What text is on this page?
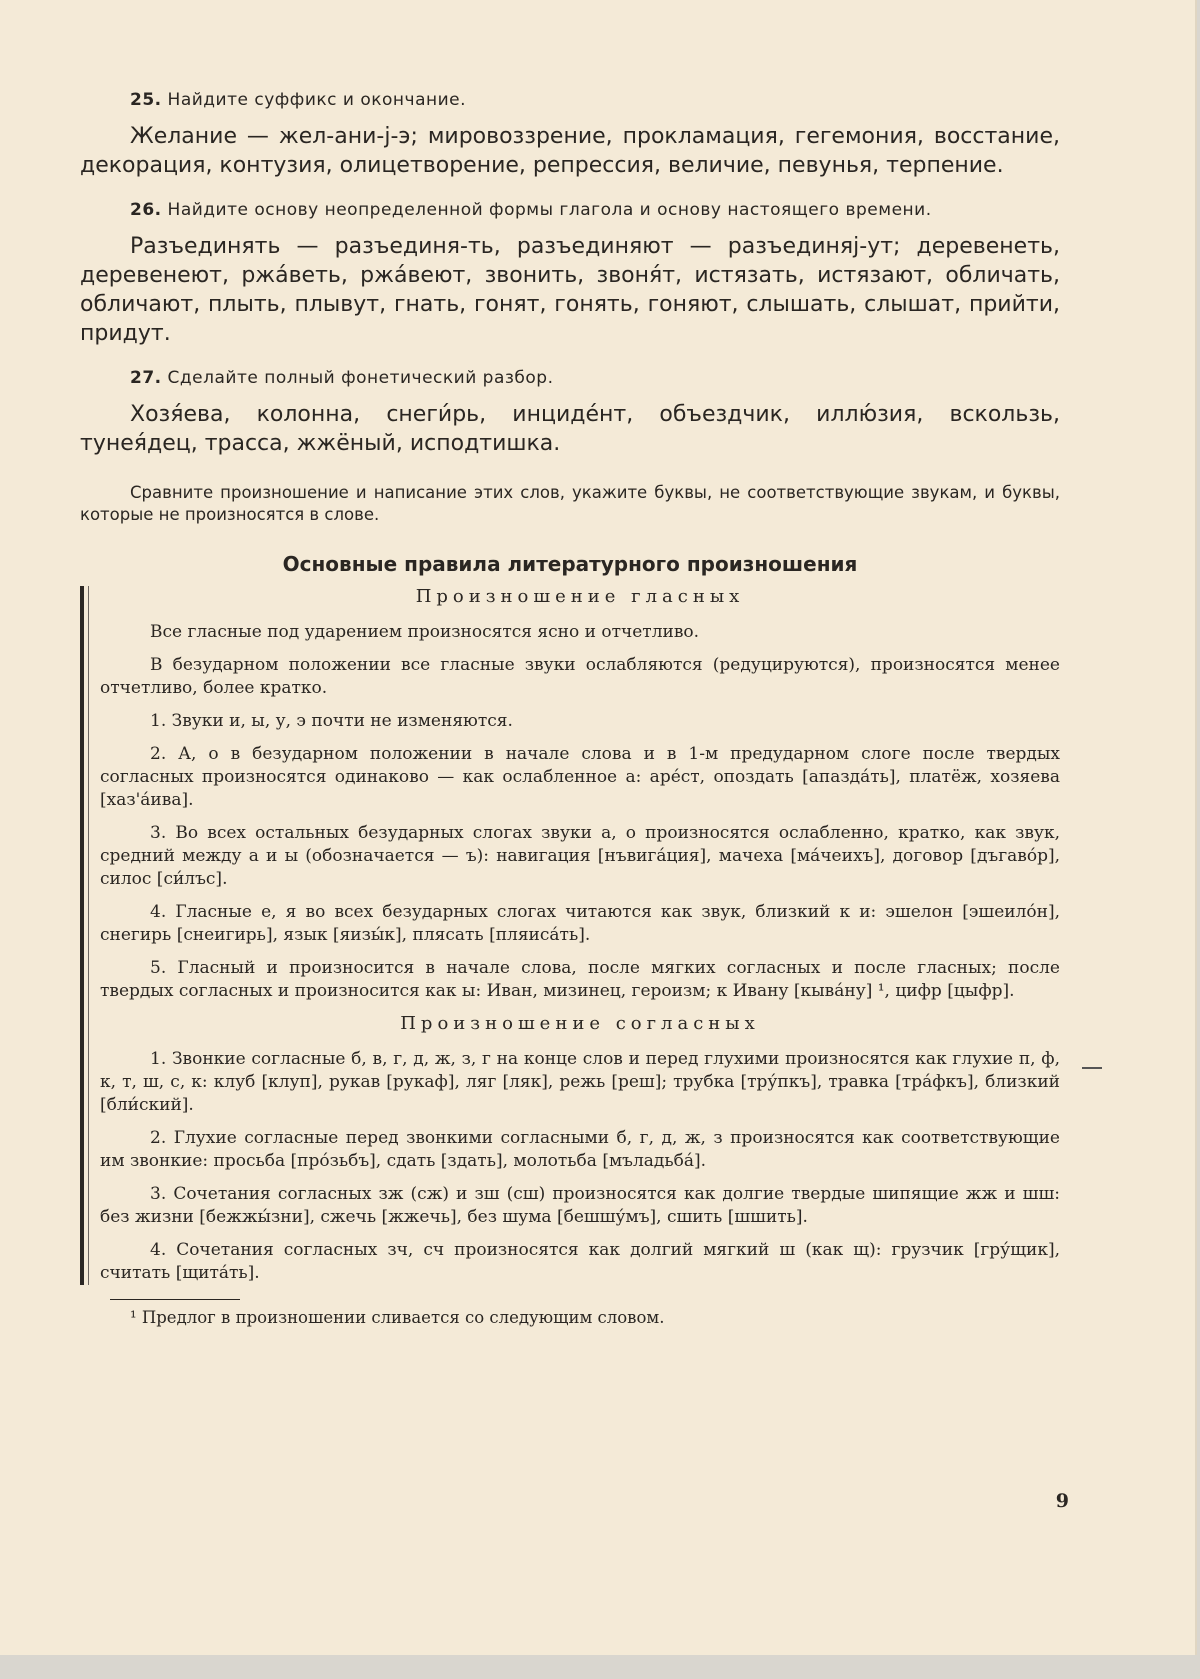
25. Найдите суффикс и окончание.

Желание — жел-ани-j-э; мировоззрение, прокламация, гегемония, восстание, декорация, контузия, олицетворение, репрессия, величие, певунья, терпение.

26. Найдите основу неопределенной формы глагола и основу настоящего времени.

Разъединять — разъединя-ть, разъединяют — разъединяj-ут; деревенеть, деревенеют, ржáветь, ржáвеют, звонить, звоня́т, истязать, истязают, обличать, обличают, плыть, плывут, гнать, гонят, гонять, гоняют, слышать, слышат, прийти, придут.

27. Сделайте полный фонетический разбор.

Хозя́ева, колонна, снеги́рь, инциде́нт, объездчик, иллю́зия, вскользь, тунея́дец, трасса, жжёный, исподтишка.

Сравните произношение и написание этих слов, укажите буквы, не соответствующие звукам, и буквы, которые не произносятся в слове.

Основные правила литературного произношения
Произношение гласных

Все гласные под ударением произносятся ясно и отчетливо.

В безударном положении все гласные звуки ослабляются (редуцируются), произносятся менее отчетливо, более кратко.

1. Звуки и, ы, у, э почти не изменяются.

2. А, о в безударном положении в начале слова и в 1-м предударном слоге после твердых согласных произносятся одинаково — как ослабленное а: аре́ст, опоздать [апазда́ть], платёж, хозяева [хаз'а́ива].

3. Во всех остальных безударных слогах звуки а, о произносятся ослабленно, кратко, как звук, средний между а и ы (обозначается — ъ): навигация [нъвига́ция], мачеха [ма́чеихъ], договор [дъгаво́р], силос [си́лъс].

4. Гласные е, я во всех безударных слогах читаются как звук, близкий к и: эшелон [эшеило́н], снегирь [снеигирь], язык [яизы́к], плясать [пляиса́ть].

5. Гласный и произносится в начале слова, после мягких согласных и после гласных; после твердых согласных и произносится как ы: Иван, мизинец, героизм; к Ивану [кыва́ну] ¹, цифр [цыфр].

Произношение согласных

1. Звонкие согласные б, в, г, д, ж, з, г на конце слов и перед глухими произносятся как глухие п, ф, к, т, ш, с, к: клуб [клуп], рукав [рукаф], ляг [ляк], режь [реш]; трубка [тру́пкъ], травка [тра́фкъ], близкий [бли́ский].

2. Глухие согласные перед звонкими согласными б, г, д, ж, з произносятся как соответствующие им звонкие: просьба [про́зьбъ], сдать [здать], молотьба [мъладьба́].

3. Сочетания согласных зж (сж) и зш (сш) произносятся как долгие твердые шипящие жж и шш: без жизни [бежжы́зни], сжечь [жжечь], без шума [бешшу́мъ], сшить [шшить].

4. Сочетания согласных зч, сч произносятся как долгий мягкий ш (как щ): грузчик [гру́щик], считать [щита́ть].

¹ Предлог в произношении сливается со следующим словом.
9
